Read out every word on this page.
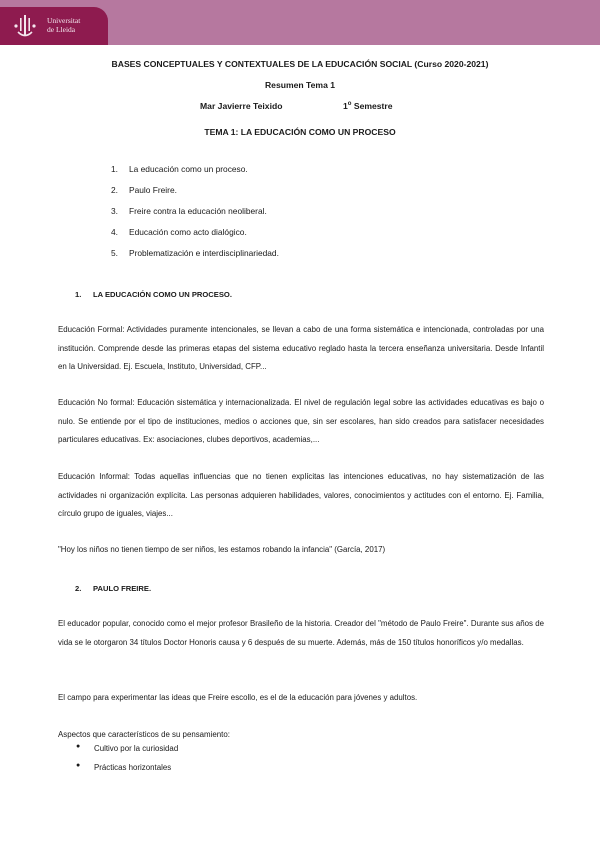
Universitat
de Lleida
BASES CONCEPTUALES Y CONTEXTUALES DE LA EDUCACIÓN SOCIAL (Curso 2020-2021)
Resumen Tema 1
Mar Javierre Teixido	1$^o$ Semestre
TEMA 1: LA EDUCACIÓN COMO UN PROCESO
1. La educación como un proceso.
2. Paulo Freire.
3. Freire contra la educación neoliberal.
4. Educación como acto dialógico.
5. Problematización e interdisciplinariedad.
1. LA EDUCACIÓN COMO UN PROCESO.

Educación Formal: Actividades puramente intencionales, se llevan a cabo de una forma sistemática e intencionada, controladas por una institución. Comprende desde las primeras etapas del sistema educativo reglado hasta la tercera enseñanza universitaria. Desde Infantil en la Universidad. Ej. Escuela, Instituto, Universidad, CFP...

Educación No formal: Educación sistemática y internacionalizada. El nivel de regulación legal sobre las actividades educativas es bajo o nulo. Se entiende por el tipo de instituciones, medios o acciones que, sin ser escolares, han sido creados para satisfacer necesidades particulares educativas. Ex: asociaciones, clubes deportivos, academias,...

Educación Informal: Todas aquellas influencias que no tienen explícitas las intenciones educativas, no hay sistematización de las actividades ni organización explícita. Las personas adquieren habilidades, valores, conocimientos y actitudes con el entorno. Ej. Familia, círculo grupo de iguales, viajes...

"Hoy los niños no tienen tiempo de ser niños, les estamos robando la infancia" (García, 2017)
2. PAULO FREIRE.

El educador popular, conocido como el mejor profesor Brasileño de la historia. Creador del "método de Paulo Freire". Durante sus años de vida se le otorgaron 34 títulos Doctor Honoris causa y 6 después de su muerte. Además, más de 150 títulos honoríficos y/o medallas.

El campo para experimentar las ideas que Freire escollo, es el de la educación para jóvenes y adultos.

Aspectos que característicos de su pensamiento:

● Cultivo por la curiosidad
● Prácticas horizontales
